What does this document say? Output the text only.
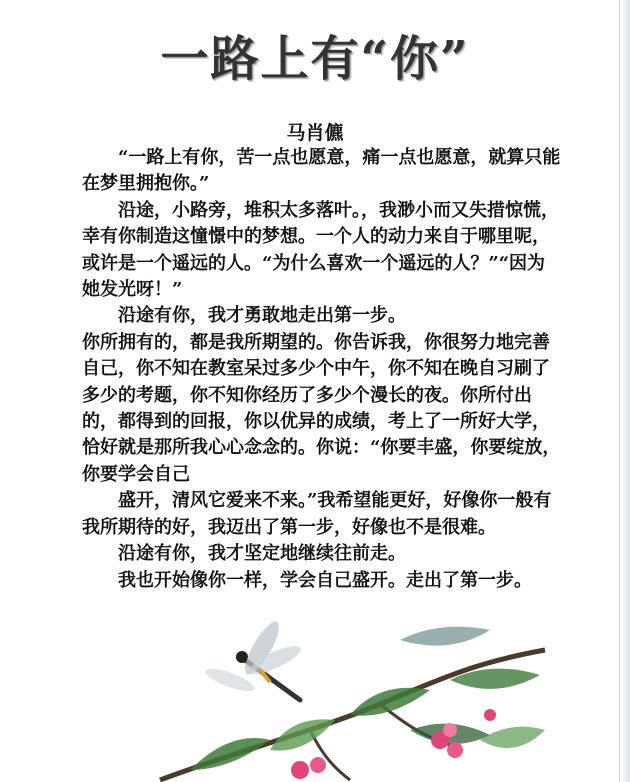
一路上有“你”
马肖儦

“一路上有你，苦一点也愿意，痛一点也愿意，就算只能在梦里拥抱你。”

沿途，小路旁，堆积太多落叶。，我渺小而又失措惊慌，幸有你制造这憧憬中的梦想。一个人的动力来自于哪里呢，或许是一个遥远的人。“为什么喜欢一个遥远的人？”“因为她发光呀！”

沿途有你，我才勇敢地走出第一步。

你所拥有的，都是我所期望的。你告诉我，你很努力地完善自己，你不知在教室呆过多少个中午，你不知在晚自习刷了多少的考题，你不知你经历了多少个漫长的夜。你所付出的，都得到的回报，你以优异的成绩，考上了一所好大学，恰好就是那所我心心念念的。你说：“你要丰盛，你要绽放，你要学会自己

盛开，清风它爱来不来。”我希望能更好，好像你一般有我所期待的好，我迈出了第一步，好像也不是很难。

沿途有你，我才坚定地继续往前走。

我也开始像你一样，学会自己盛开。走出了第一步。
